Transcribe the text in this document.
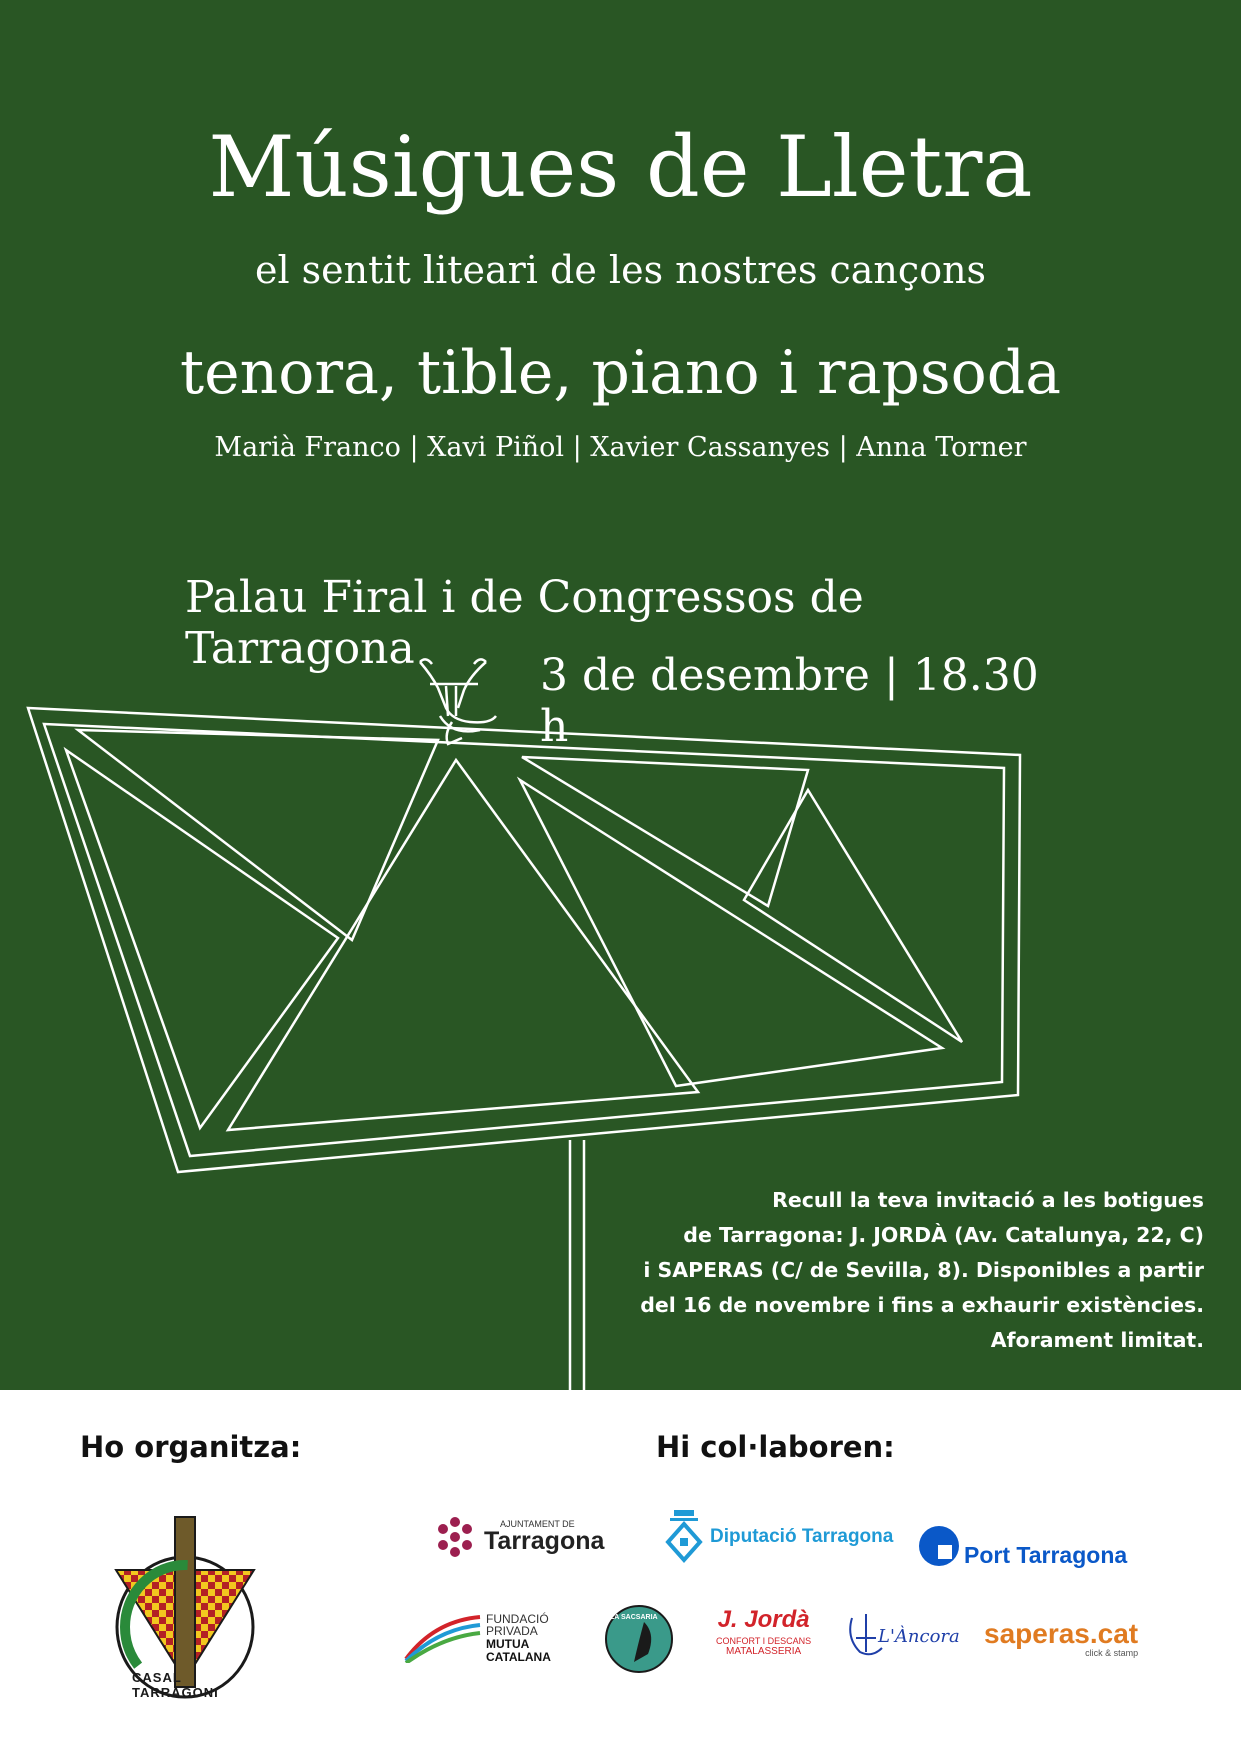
Músigues de Lletra
el sentit liteari de les nostres cançons
tenora, tible, piano i rapsoda
Marià Franco | Xavi Piñol | Xavier Cassanyes | Anna Torner
Palau Firal i de Congressos de Tarragona
3 de desembre | 18.30 h
Recull la teva invitació a les botigues
de Tarragona: J. JORDÀ (Av. Catalunya, 22, C)
i SAPERAS (C/ de Sevilla, 8). Disponibles a partir
del 16 de novembre i fins a exhaurir existències.
Aforament limitat.
Ho organitza:	Hi col·laboren:
CASAL TARRAGONI
AJUNTAMENT DE
Tarragona	Diputació Tarragona
Port Tarragona
FUNDACIÓ
PRIVADA
MUTUA
CATALANA
LA SACSARIA J. Jordà
CONFORT I DESCANS
MATALASSERIA
L'Àncora saperas.cat
click & stamp
